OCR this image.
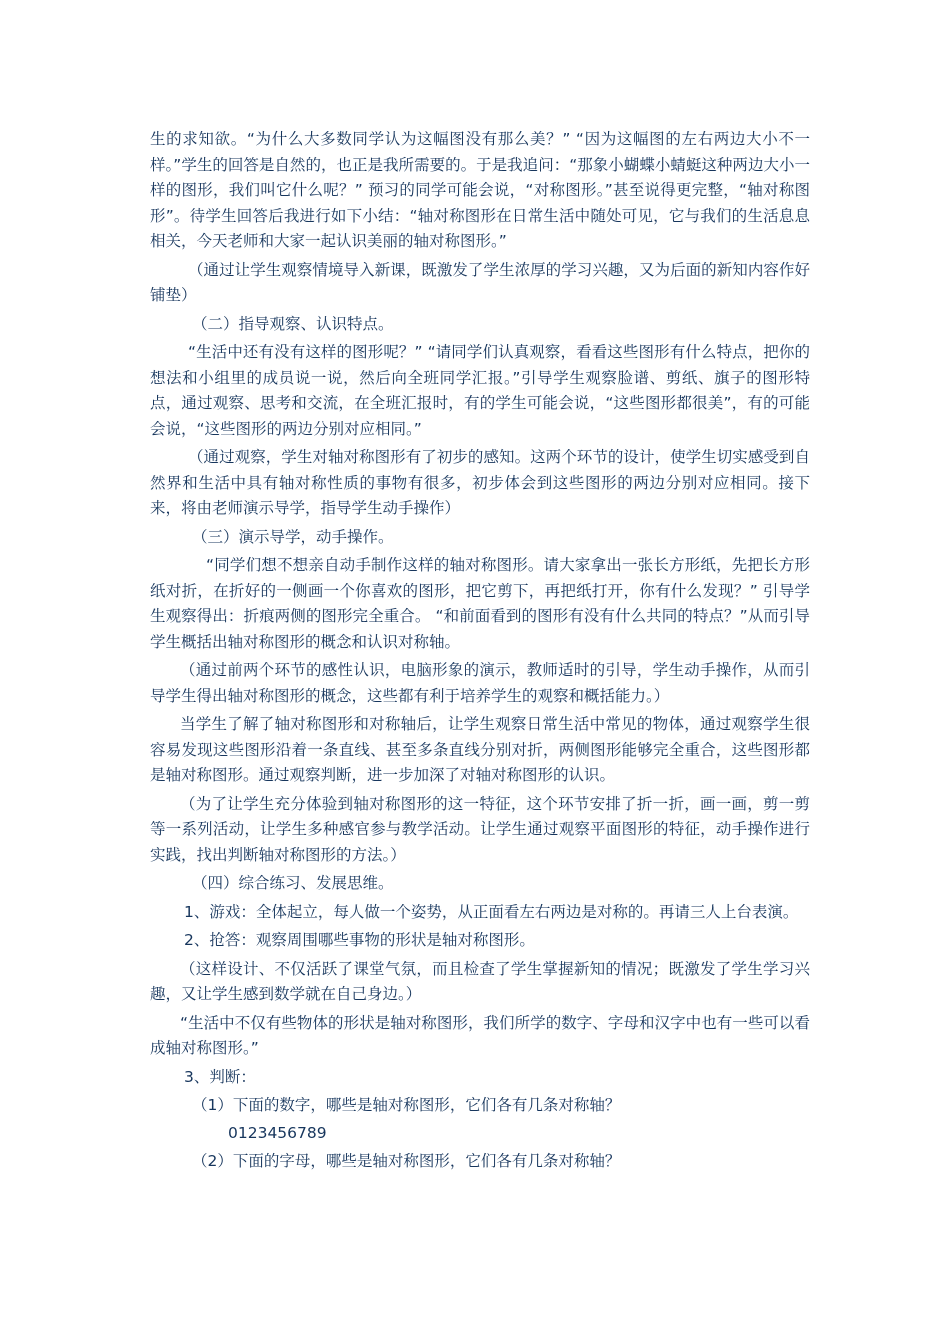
生的求知欲。“为什么大多数同学认为这幅图没有那么美？” “因为这幅图的左右两边大小不一样。”学生的回答是自然的，也正是我所需要的。于是我追问：“那象小蝴蝶小蜻蜓这种两边大小一样的图形，我们叫它什么呢？” 预习的同学可能会说，“对称图形。”甚至说得更完整，“轴对称图形”。待学生回答后我进行如下小结：“轴对称图形在日常生活中随处可见，它与我们的生活息息相关，今天老师和大家一起认识美丽的轴对称图形。”

（通过让学生观察情境导入新课，既激发了学生浓厚的学习兴趣，又为后面的新知内容作好铺垫）

（二）指导观察、认识特点。

“生活中还有没有这样的图形呢？” “请同学们认真观察，看看这些图形有什么特点，把你的想法和小组里的成员说一说，然后向全班同学汇报。”引导学生观察脸谱、剪纸、旗子的图形特点，通过观察、思考和交流，在全班汇报时，有的学生可能会说，“这些图形都很美”，有的可能会说，“这些图形的两边分别对应相同。”

（通过观察，学生对轴对称图形有了初步的感知。这两个环节的设计，使学生切实感受到自然界和生活中具有轴对称性质的事物有很多，初步体会到这些图形的两边分别对应相同。接下来，将由老师演示导学，指导学生动手操作）

（三）演示导学，动手操作。

“同学们想不想亲自动手制作这样的轴对称图形。请大家拿出一张长方形纸，先把长方形纸对折，在折好的一侧画一个你喜欢的图形，把它剪下，再把纸打开，你有什么发现？” 引导学生观察得出：折痕两侧的图形完全重合。 “和前面看到的图形有没有什么共同的特点？”从而引导学生概括出轴对称图形的概念和认识对称轴。

（通过前两个环节的感性认识，电脑形象的演示，教师适时的引导，学生动手操作，从而引导学生得出轴对称图形的概念，这些都有利于培养学生的观察和概括能力。）

当学生了解了轴对称图形和对称轴后，让学生观察日常生活中常见的物体，通过观察学生很容易发现这些图形沿着一条直线、甚至多条直线分别对折，两侧图形能够完全重合，这些图形都是轴对称图形。通过观察判断，进一步加深了对轴对称图形的认识。

（为了让学生充分体验到轴对称图形的这一特征，这个环节安排了折一折，画一画，剪一剪等一系列活动，让学生多种感官参与教学活动。让学生通过观察平面图形的特征，动手操作进行实践，找出判断轴对称图形的方法。）

（四）综合练习、发展思维。

1、游戏：全体起立，每人做一个姿势，从正面看左右两边是对称的。再请三人上台表演。

2、抢答：观察周围哪些事物的形状是轴对称图形。

（这样设计、不仅活跃了课堂气氛，而且检查了学生掌握新知的情况；既激发了学生学习兴趣，又让学生感到数学就在自己身边。）

“生活中不仅有些物体的形状是轴对称图形，我们所学的数字、字母和汉字中也有一些可以看成轴对称图形。”

3、判断：

（1）下面的数字，哪些是轴对称图形，它们各有几条对称轴？

0123456789

（2）下面的字母，哪些是轴对称图形，它们各有几条对称轴？
